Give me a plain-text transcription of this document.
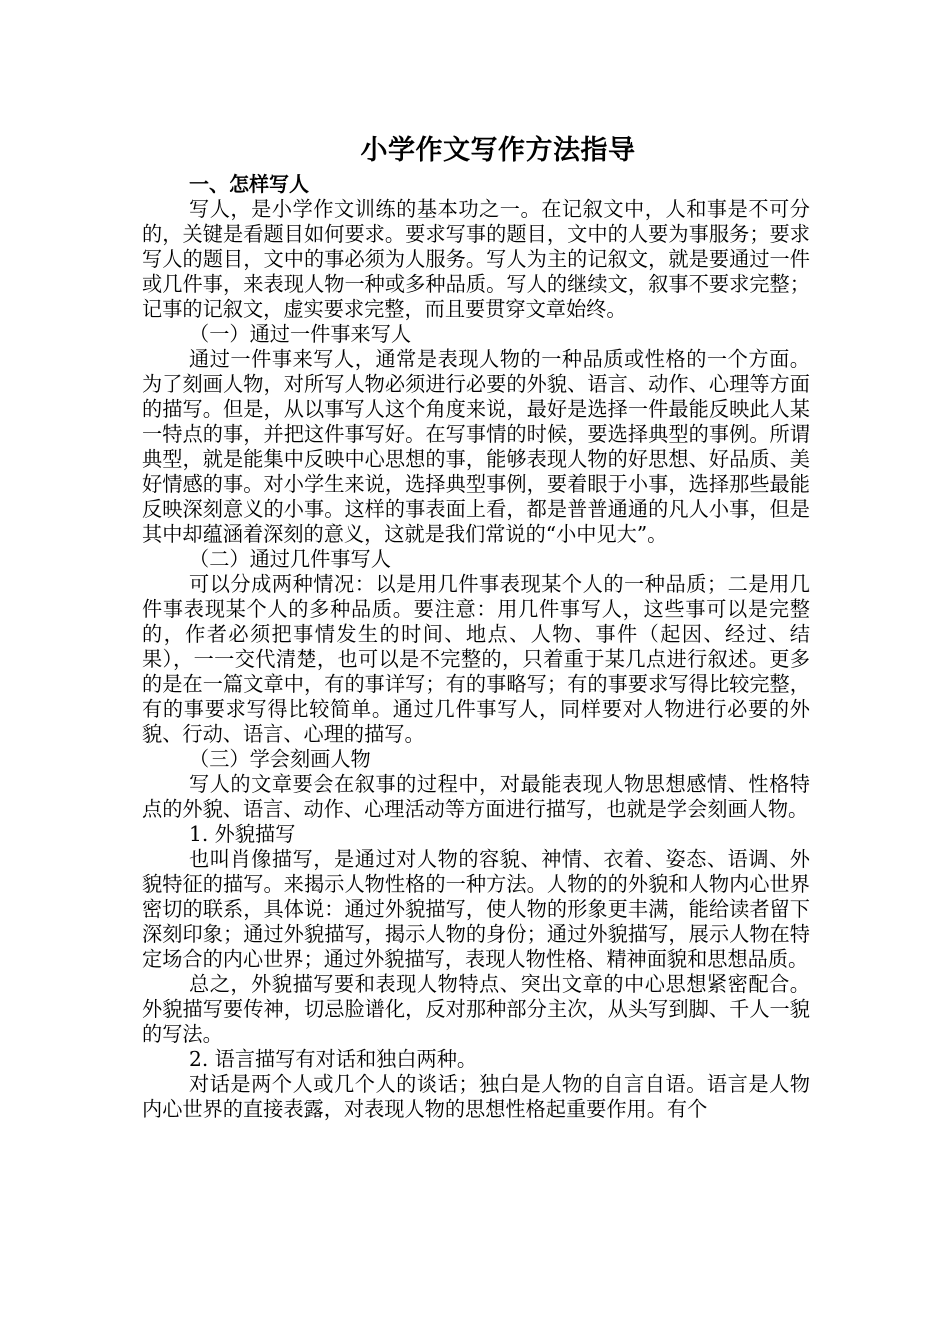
小学作文写作方法指导
一、怎样写人

写人，是小学作文训练的基本功之一。在记叙文中，人和事是不可分的，关键是看题目如何要求。要求写事的题目，文中的人要为事服务；要求写人的题目，文中的事必须为人服务。写人为主的记叙文，就是要通过一件或几件事，来表现人物一种或多种品质。写人的继续文，叙事不要求完整；记事的记叙文，虚实要求完整，而且要贯穿文章始终。

（一）通过一件事来写人

通过一件事来写人，通常是表现人物的一种品质或性格的一个方面。为了刻画人物，对所写人物必须进行必要的外貌、语言、动作、心理等方面的描写。但是，从以事写人这个角度来说，最好是选择一件最能反映此人某一特点的事，并把这件事写好。在写事情的时候，要选择典型的事例。所谓典型，就是能集中反映中心思想的事，能够表现人物的好思想、好品质、美好情感的事。对小学生来说，选择典型事例，要着眼于小事，选择那些最能反映深刻意义的小事。这样的事表面上看，都是普普通通的凡人小事，但是其中却蕴涵着深刻的意义，这就是我们常说的“小中见大”。

（二）通过几件事写人

可以分成两种情况：以是用几件事表现某个人的一种品质；二是用几件事表现某个人的多种品质。要注意：用几件事写人，这些事可以是完整的，作者必须把事情发生的时间、地点、人物、事件（起因、经过、结果），一一交代清楚，也可以是不完整的，只着重于某几点进行叙述。更多的是在一篇文章中，有的事详写；有的事略写；有的事要求写得比较完整，有的事要求写得比较简单。通过几件事写人，同样要对人物进行必要的外貌、行动、语言、心理的描写。

（三）学会刻画人物

写人的文章要会在叙事的过程中，对最能表现人物思想感情、性格特点的外貌、语言、动作、心理活动等方面进行描写，也就是学会刻画人物。

1. 外貌描写

也叫肖像描写，是通过对人物的容貌、神情、衣着、姿态、语调、外貌特征的描写。来揭示人物性格的一种方法。人物的的外貌和人物内心世界密切的联系，具体说：通过外貌描写，使人物的形象更丰满，能给读者留下深刻印象；通过外貌描写，揭示人物的身份；通过外貌描写，展示人物在特定场合的内心世界；通过外貌描写，表现人物性格、精神面貌和思想品质。

总之，外貌描写要和表现人物特点、突出文章的中心思想紧密配合。外貌描写要传神，切忌脸谱化，反对那种部分主次，从头写到脚、千人一貌的写法。

2. 语言描写有对话和独白两种。

对话是两个人或几个人的谈话；独白是人物的自言自语。语言是人物内心世界的直接表露，对表现人物的思想性格起重要作用。有个
